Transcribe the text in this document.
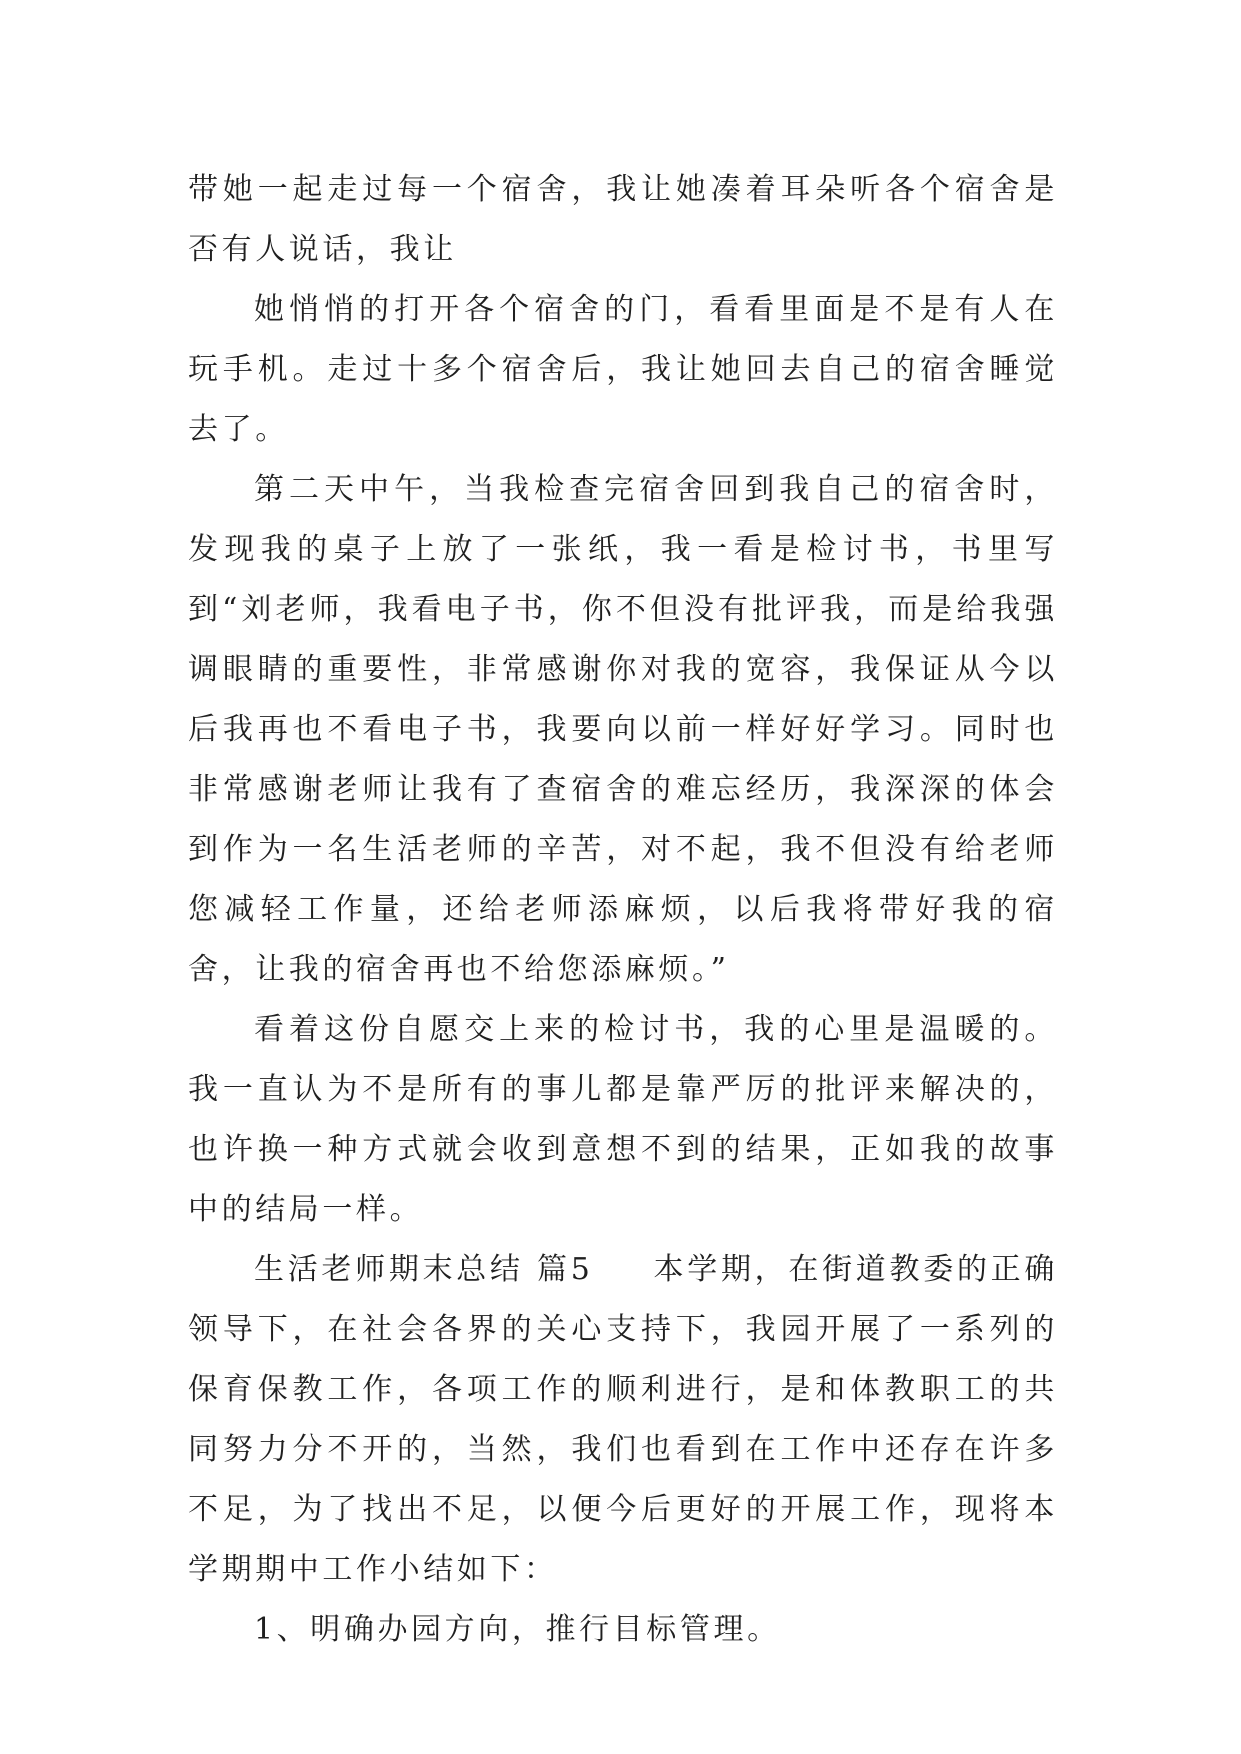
带她一起走过每一个宿舍，我让她凑着耳朵听各个宿舍是否有人说话，我让

她悄悄的打开各个宿舍的门，看看里面是不是有人在玩手机。走过十多个宿舍后，我让她回去自己的宿舍睡觉去了。

第二天中午，当我检查完宿舍回到我自己的宿舍时，发现我的桌子上放了一张纸，我一看是检讨书，书里写到“刘老师，我看电子书，你不但没有批评我，而是给我强调眼睛的重要性，非常感谢你对我的宽容，我保证从今以后我再也不看电子书，我要向以前一样好好学习。同时也非常感谢老师让我有了查宿舍的难忘经历，我深深的体会到作为一名生活老师的辛苦，对不起，我不但没有给老师您减轻工作量，还给老师添麻烦，以后我将带好我的宿舍，让我的宿舍再也不给您添麻烦。”

看着这份自愿交上来的检讨书，我的心里是温暖的。我一直认为不是所有的事儿都是靠严厉的批评来解决的，也许换一种方式就会收到意想不到的结果，正如我的故事中的结局一样。

生活老师期末总结 篇5 本学期，在街道教委的正确领导下，在社会各界的关心支持下，我园开展了一系列的保育保教工作，各项工作的顺利进行，是和体教职工的共同努力分不开的，当然，我们也看到在工作中还存在许多不足，为了找出不足，以便今后更好的开展工作，现将本学期期中工作小结如下：

1、明确办园方向，推行目标管理。
